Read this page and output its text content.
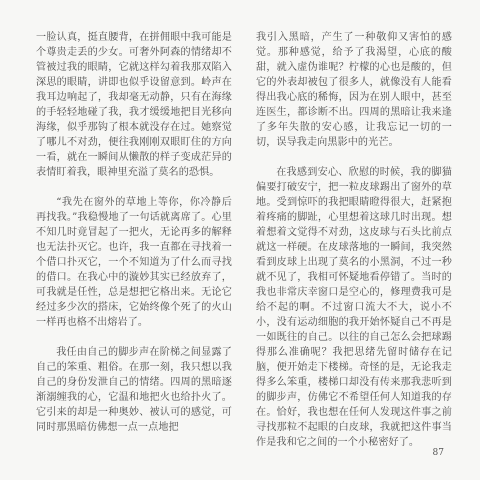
一脸认真，挺直腰背，在拼佣眼中我可能是个尊贵走丢的少女。可奢外阿森的情绪却不管被过我的眼睛，它就这样勾着我那双陷入深思的眼睛，讲即也似乎设留意到。岭声在我耳边响起了，我却毫无动静，只有在海缘的手轻轻地碰了我，我才缓缓地把目光移向海缘，似乎那钩了根本就没存在过。她察觉了哪儿不对劲，便往我刚刚双眼盯住的方向一看，就在一瞬间从懒散的样子变成茫异的表情盯着我，眼神里充溢了莫名的恐惧。

“我先在窗外的草地上等你，你冷静后再找我。”我稳慢地了一句话就离席了。心里不知几时竟冒起了一把火，无论再多的解释也无法扑灭它。也许，我一直都在寻找着一个借口扑灭它，一个不知道为了什么而寻找的借口。在我心中的漩妙其实已经放弃了，可我就是任性，总是想把它格出来。无论它经过多少次的搭床，它始终像个死了的火山一样再也格不出熔岩了。

我任由自己的脚步声在阶梯之间显露了自己的笨重、粗俗。在那一刻，我只想以我自己的身份发泄自己的情绪。四周的黑暗逐渐溺缠我的心，它温和地把火也给扑火了。它引来的却是一种奥妙、被认可的感觉，可同时那黑暗仿佛想一点一点地把

我引入黑暗，产生了一种敬仰又害怕的感觉。那种感觉，给予了我渴望，心底的酸甜，就入虚伪谁呢？柠檬的心也是酸的，但它的外表却被包了很多人，就像没有人能看得出我心底的稀悔，因为在别人眼中，甚至连医生，都诊断不出。四周的黑暗让我来逢了多年失散的安心感，让我忘记一切的一切，误导我走向黑影中的光芒。

在我感到安心、欣慰的时候，我的脚猫偏要打破安宁，把一粒皮球踢出了窗外的草地。受到惊吓的我把眼睛瞪得很大，赶紧抱着疼痛的脚趾，心里想着这球几时出现。想着想着文觉得不对劲，这皮球与石头比前点就这一样硬。在皮球落地的一瞬间，我突然看到皮球上出现了莫名的小黑洞，不过一秒就不见了，我相可怀疑地看停错了。当时的我也非常庆幸窗口是空心的，修理费我可是给不起的啊。不过窗口流大不大，说小不小，没有运动细胞的我开始怀疑自己不再是一如既往的自己。以往的自己怎么会把球踢得那么准确呢？我把思绪先留时储存在记脑，便开始走下楼梯。奇怪的是，无论我走得多么笨重，楼梯口却没有传来那我悲听到的脚步声，仿佛它不希望任何人知道我的存在。恰好，我也想在任何人发现这件事之前寻找那粒不起眼的白皮球，我就把这件事当作是我和它之间的一个小秘密好了。

87
